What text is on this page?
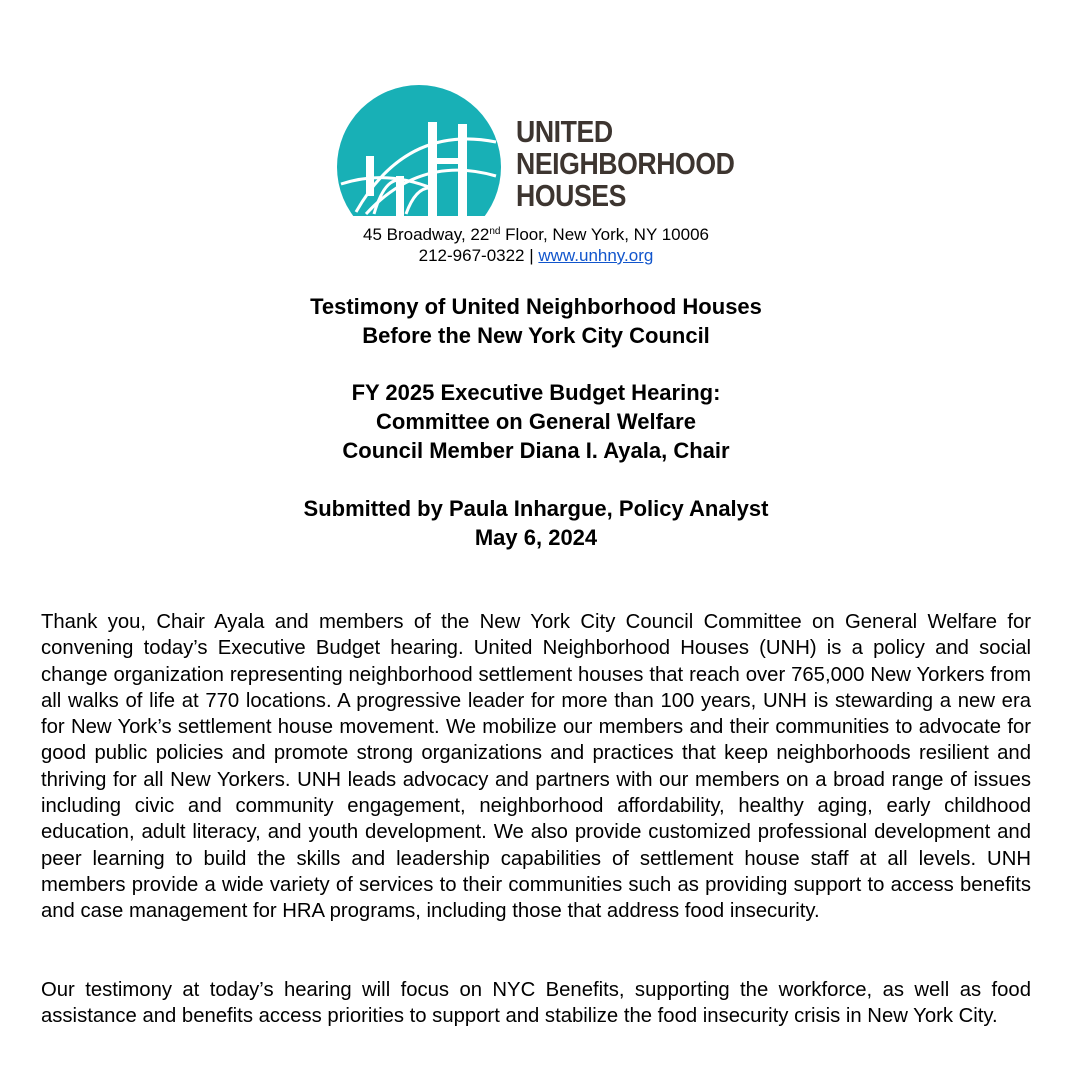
UNITED
NEIGHBORHOOD
HOUSES
45 Broadway, 22nd Floor, New York, NY 10006
212-967-0322 | www.unhny.org
Testimony of United Neighborhood Houses
Before the New York City Council
FY 2025 Executive Budget Hearing:
Committee on General Welfare
Council Member Diana I. Ayala, Chair
Submitted by Paula Inhargue, Policy Analyst
May 6, 2024
Thank you, Chair Ayala and members of the New York City Council Committee on General Welfare for convening today’s Executive Budget hearing. United Neighborhood Houses (UNH) is a policy and social change organization representing neighborhood settlement houses that reach over 765,000 New Yorkers from all walks of life at 770 locations. A progressive leader for more than 100 years, UNH is stewarding a new era for New York’s settlement house movement. We mobilize our members and their communities to advocate for good public policies and promote strong organizations and practices that keep neighborhoods resilient and thriving for all New Yorkers. UNH leads advocacy and partners with our members on a broad range of issues including civic and community engagement, neighborhood affordability, healthy aging, early childhood education, adult literacy, and youth development. We also provide customized professional development and peer learning to build the skills and leadership capabilities of settlement house staff at all levels. UNH members provide a wide variety of services to their communities such as providing support to access benefits and case management for HRA programs, including those that address food insecurity.
Our testimony at today’s hearing will focus on NYC Benefits, supporting the workforce, as well as food assistance and benefits access priorities to support and stabilize the food insecurity crisis in New York City.
